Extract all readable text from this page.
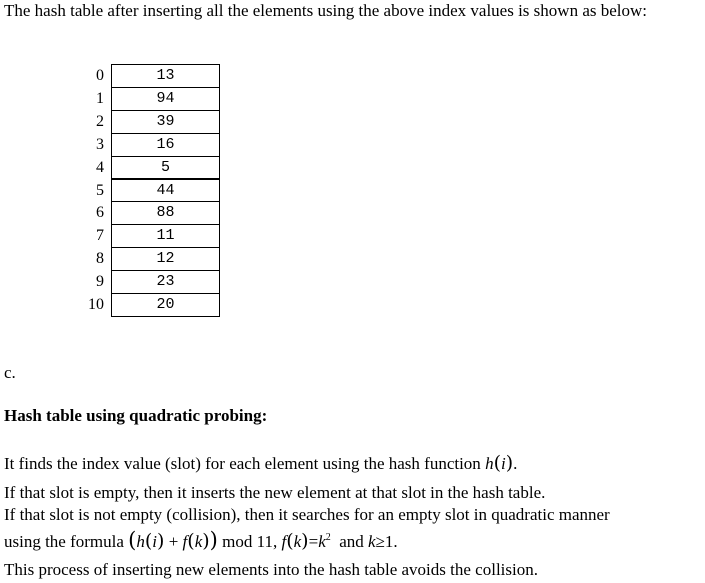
The hash table after inserting all the elements using the above index values is shown as below:

0	13
1	94
2	39
3	16
4	5
5	44
6	88
7	11
8	12
9	23
10	20

c.

Hash table using quadratic probing:

It finds the index value (slot) for each element using the hash function h(i).

If that slot is empty, then it inserts the new element at that slot in the hash table.

If that slot is not empty (collision), then it searches for an empty slot in quadratic manner

using the formula (h(i) + f(k)) mod 11, $f(k)=k^2$ and k≥1.

This process of inserting new elements into the hash table avoids the collision.
